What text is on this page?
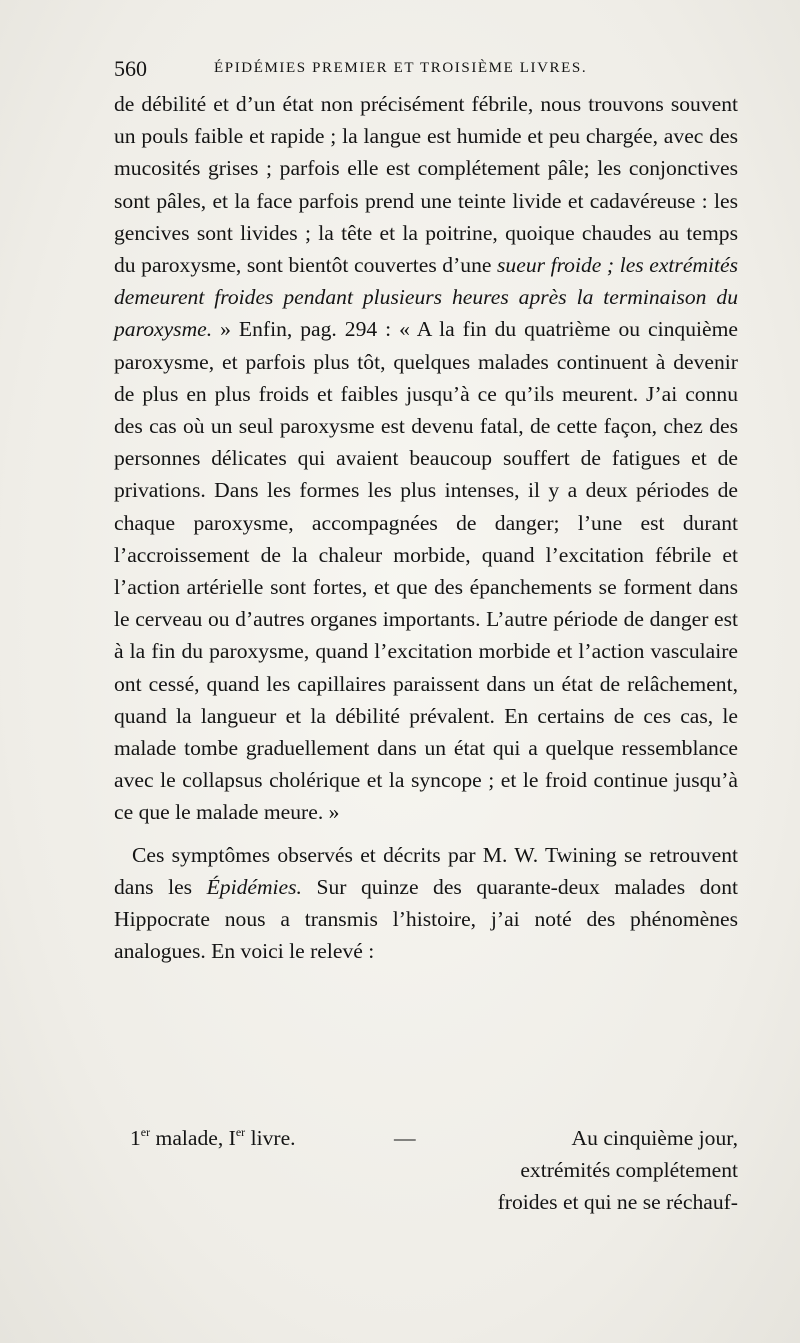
560	ÉPIDÉMIES PREMIER ET TROISIÈME LIVRES.

de débilité et d’un état non précisément fébrile, nous trouvons souvent un pouls faible et rapide ; la langue est humide et peu chargée, avec des mucosités grises ; parfois elle est complétement pâle; les conjonctives sont pâles, et la face parfois prend une teinte livide et cadavéreuse : les gencives sont livides ; la tête et la poitrine, quoique chaudes au temps du paroxysme, sont bientôt couvertes d’une sueur froide ; les extrémités demeurent froides pendant plusieurs heures après la terminaison du paroxysme. » Enfin, pag. 294 : « A la fin du quatrième ou cinquième paroxysme, et parfois plus tôt, quelques malades continuent à devenir de plus en plus froids et faibles jusqu’à ce qu’ils meurent. J’ai connu des cas où un seul paroxysme est devenu fatal, de cette façon, chez des personnes délicates qui avaient beaucoup souffert de fatigues et de privations. Dans les formes les plus intenses, il y a deux périodes de chaque paroxysme, accompagnées de danger; l’une est durant l’accroissement de la chaleur morbide, quand l’excitation fébrile et l’action artérielle sont fortes, et que des épanchements se forment dans le cerveau ou d’autres organes importants. L’autre période de danger est à la fin du paroxysme, quand l’excitation morbide et l’action vasculaire ont cessé, quand les capillaires paraissent dans un état de relâchement, quand la langueur et la débilité prévalent. En certains de ces cas, le malade tombe graduellement dans un état qui a quelque ressemblance avec le collapsus cholérique et la syncope ; et le froid continue jusqu’à ce que le malade meure. »

Ces symptômes observés et décrits par M. W. Twining se retrouvent dans les Épidémies. Sur quinze des quarante-deux malades dont Hippocrate nous a transmis l’histoire, j’ai noté des phénomènes analogues. En voici le relevé :

1er malade, Ier livre.	—	Au cinquième jour,
extrémités complétement
froides et qui ne se réchauf-
